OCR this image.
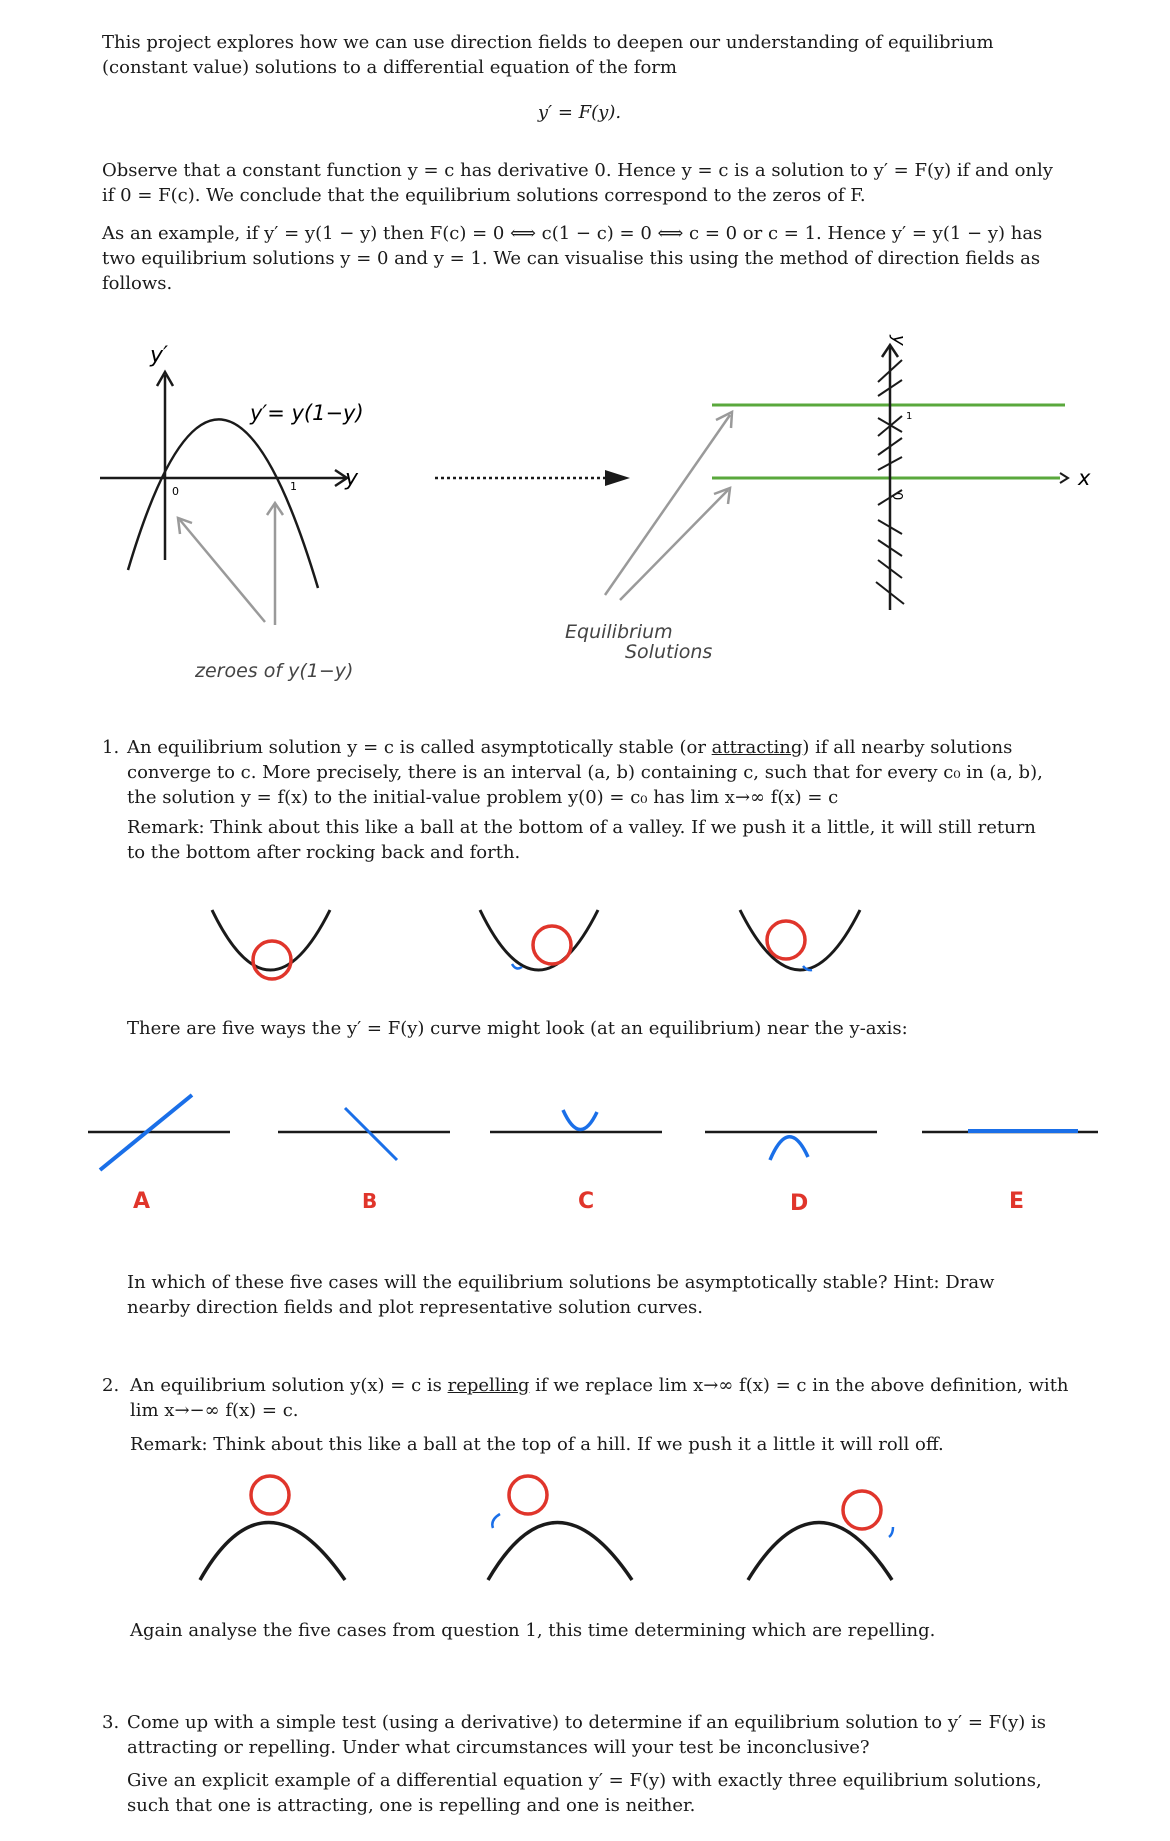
This project explores how we can use direction fields to deepen our understanding of equilibrium (constant value) solutions to a differential equation of the form
y′ = F(y).
Observe that a constant function y = c has derivative 0. Hence y = c is a solution to y′ = F(y) if and only if 0 = F(c). We conclude that the equilibrium solutions correspond to the zeros of F.
As an example, if y′ = y(1 − y) then F(c) = 0 ⟺ c(1 − c) = 0 ⟺ c = 0 or c = 1. Hence y′ = y(1 − y) has two equilibrium solutions y = 0 and y = 1. We can visualise this using the method of direction fields as follows.
y′
y′= y(1−y)
y
0	1
zeroes of y(1−y)
x
y
1
0
Equilibrium
Solutions
1. An equilibrium solution y = c is called asymptotically stable (or attracting) if all nearby solutions converge to c. More precisely, there is an interval (a, b) containing c, such that for every c₀ in (a, b), the solution y = f(x) to the initial-value problem y(0) = c₀ has lim x→∞ f(x) = c
Remark: Think about this like a ball at the bottom of a valley. If we push it a little, it will still return to the bottom after rocking back and forth.
There are five ways the y′ = F(y) curve might look (at an equilibrium) near the y-axis:
A	B	C	D	E
In which of these five cases will the equilibrium solutions be asymptotically stable? Hint: Draw nearby direction fields and plot representative solution curves.
2. An equilibrium solution y(x) = c is repelling if we replace lim x→∞ f(x) = c in the above definition, with lim x→−∞ f(x) = c.
Remark: Think about this like a ball at the top of a hill. If we push it a little it will roll off.
Again analyse the five cases from question 1, this time determining which are repelling.
3. Come up with a simple test (using a derivative) to determine if an equilibrium solution to y′ = F(y) is attracting or repelling. Under what circumstances will your test be inconclusive?
Give an explicit example of a differential equation y′ = F(y) with exactly three equilibrium solutions, such that one is attracting, one is repelling and one is neither.
